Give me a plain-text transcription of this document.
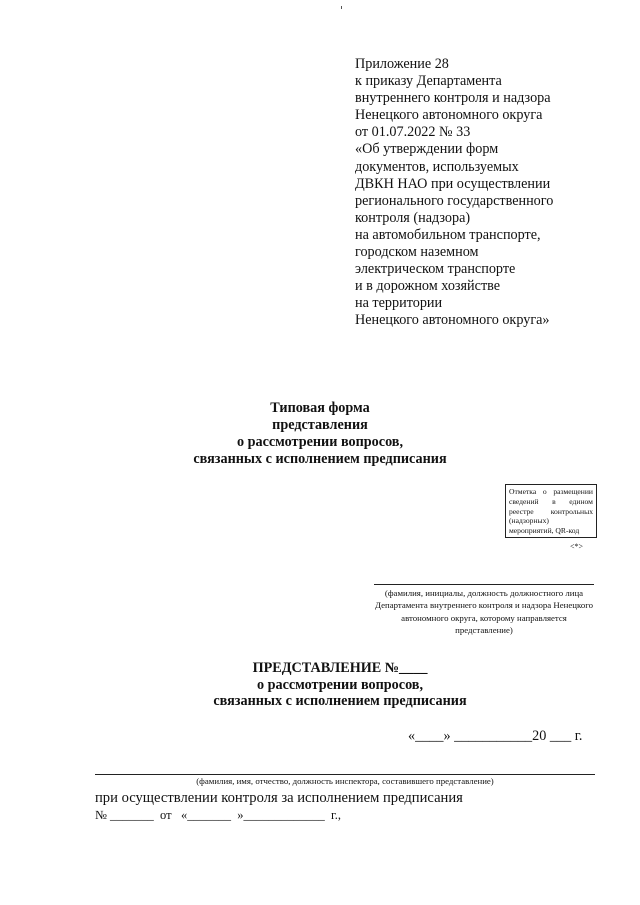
Приложение 28
к приказу Департамента
внутреннего контроля и надзора
Ненецкого автономного округа
от 01.07.2022 № 33
«Об утверждении форм
документов, используемых
ДВКН НАО при осуществлении
регионального государственного
контроля (надзора)
на автомобильном транспорте,
городском наземном
электрическом транспорте
и в дорожном хозяйстве
на территории
Ненецкого автономного округа»
Типовая форма
представления
о рассмотрении вопросов,
связанных с исполнением предписания
Отметка о размещении сведений в едином реестре контрольных (надзорных) мероприятий, QR-код
<*>
(фамилия, инициалы, должность должностного лица Департамента внутреннего контроля и надзора Ненецкого автономного округа, которому направляется представление)
ПРЕДСТАВЛЕНИЕ №____
о рассмотрении вопросов,
связанных с исполнением предписания
«____» ___________20 ___ г.
(фамилия, имя, отчество, должность инспектора, составившего представление)
при осуществлении контроля за исполнением предписания
№ _______  от   «_______  »_____________  г.,
